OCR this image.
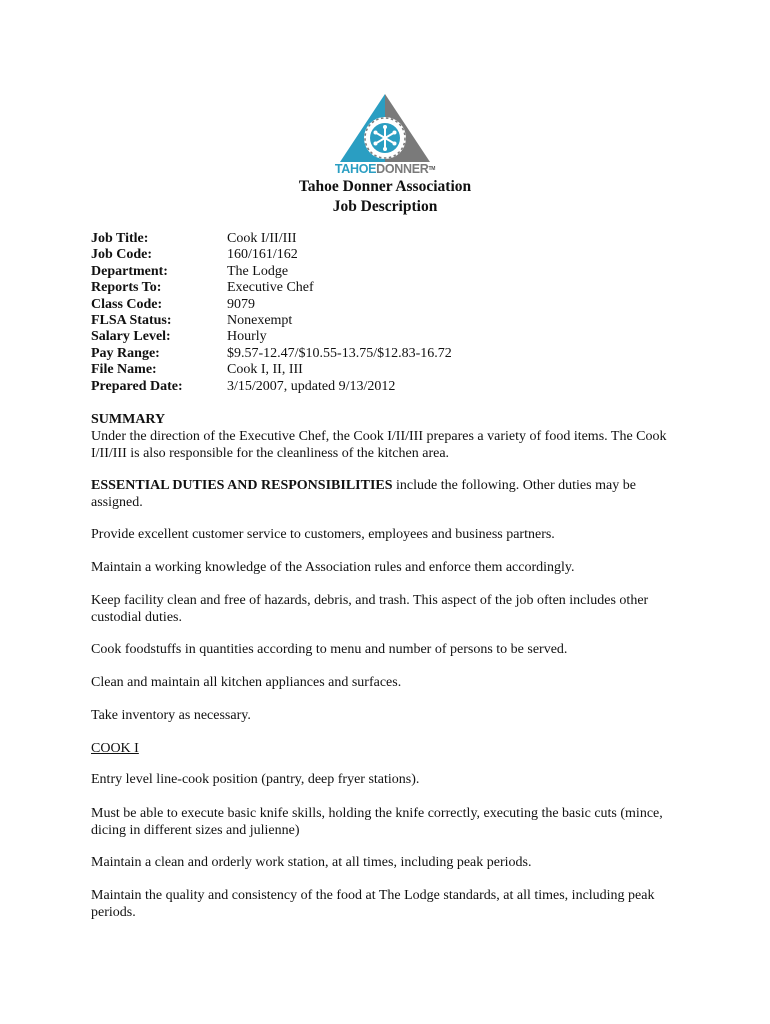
TAHOEDONNER™
Tahoe Donner Association
Job Description
Job Title:	Cook I/II/III
Job Code:	160/161/162
Department:	The Lodge
Reports To:	Executive Chef
Class Code:	9079
FLSA Status:	Nonexempt
Salary Level:	Hourly
Pay Range:	$9.57-12.47/$10.55-13.75/$12.83-16.72
File Name:	Cook I, II, III
Prepared Date:	3/15/2007, updated 9/13/2012

SUMMARY

Under the direction of the Executive Chef, the Cook I/II/III prepares a variety of food items. The Cook I/II/III is also responsible for the cleanliness of the kitchen area.

ESSENTIAL DUTIES AND RESPONSIBILITIES include the following. Other duties may be assigned.

Provide excellent customer service to customers, employees and business partners.

Maintain a working knowledge of the Association rules and enforce them accordingly.

Keep facility clean and free of hazards, debris, and trash. This aspect of the job often includes other custodial duties.

Cook foodstuffs in quantities according to menu and number of persons to be served.

Clean and maintain all kitchen appliances and surfaces.

Take inventory as necessary.

COOK I

Entry level line-cook position (pantry, deep fryer stations).

Must be able to execute basic knife skills, holding the knife correctly, executing the basic cuts (mince, dicing in different sizes and julienne)

Maintain a clean and orderly work station, at all times, including peak periods.

Maintain the quality and consistency of the food at The Lodge standards, at all times, including peak periods.
